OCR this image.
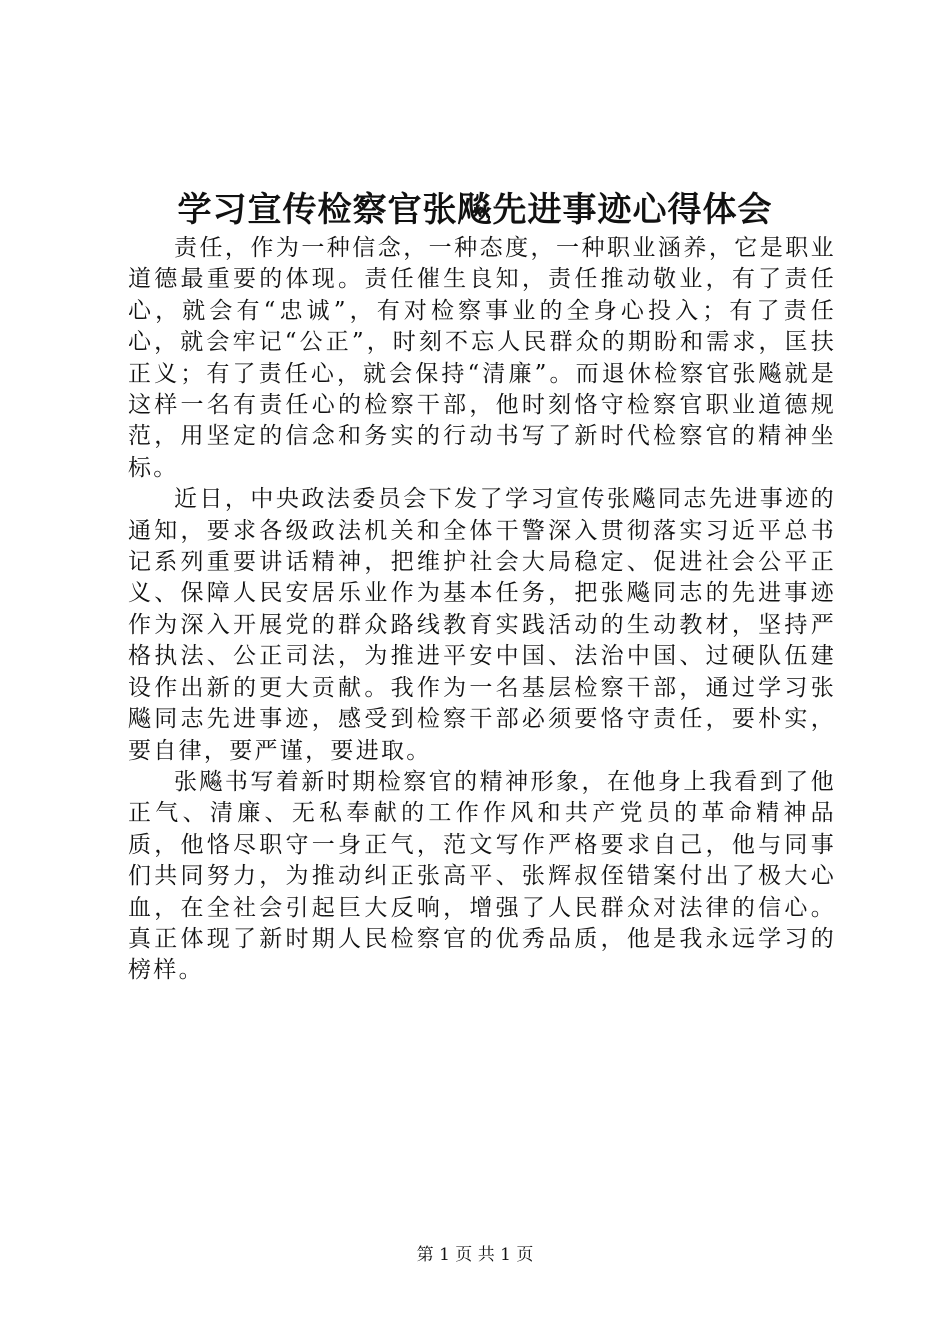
学习宣传检察官张飚先进事迹心得体会

责任，作为一种信念，一种态度，一种职业涵养，它是职业道德最重要的体现。责任催生良知，责任推动敬业，有了责任心，就会有“忠诚”，有对检察事业的全身心投入；有了责任心，就会牢记“公正”，时刻不忘人民群众的期盼和需求，匡扶正义；有了责任心，就会保持“清廉”。而退休检察官张飚就是这样一名有责任心的检察干部，他时刻恪守检察官职业道德规范，用坚定的信念和务实的行动书写了新时代检察官的精神坐标。

近日，中央政法委员会下发了学习宣传张飚同志先进事迹的通知，要求各级政法机关和全体干警深入贯彻落实习近平总书记系列重要讲话精神，把维护社会大局稳定、促进社会公平正义、保障人民安居乐业作为基本任务，把张飚同志的先进事迹作为深入开展党的群众路线教育实践活动的生动教材，坚持严格执法、公正司法，为推进平安中国、法治中国、过硬队伍建设作出新的更大贡献。我作为一名基层检察干部，通过学习张飚同志先进事迹，感受到检察干部必须要恪守责任，要朴实，要自律，要严谨，要进取。

张飚书写着新时期检察官的精神形象，在他身上我看到了他正气、清廉、无私奉献的工作作风和共产党员的革命精神品质，他恪尽职守一身正气，范文写作严格要求自己，他与同事们共同努力，为推动纠正张高平、张辉叔侄错案付出了极大心血，在全社会引起巨大反响，增强了人民群众对法律的信心。真正体现了新时期人民检察官的优秀品质，他是我永远学习的榜样。

第 1 页 共 1 页
